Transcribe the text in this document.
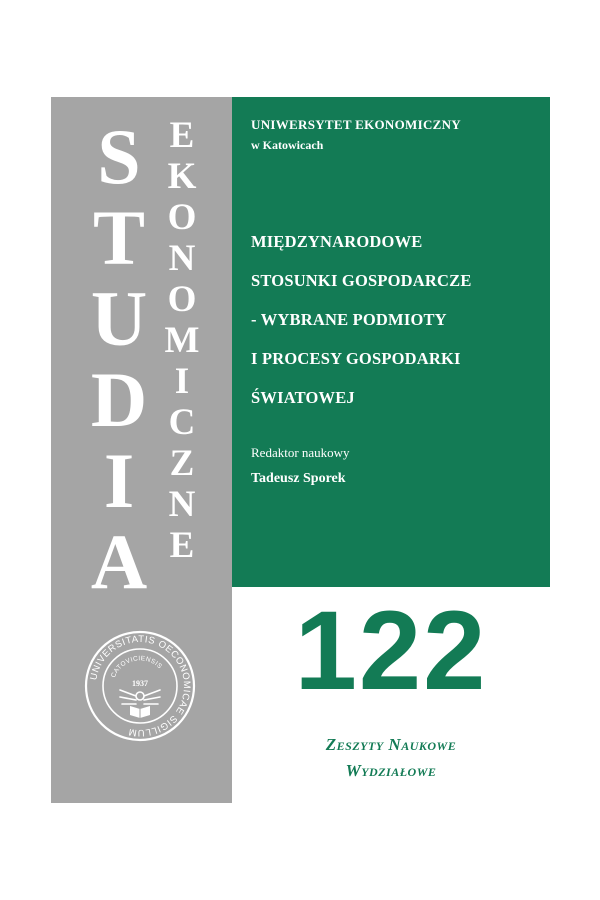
S
T
U
D
I
A
E
K
O
N
O
M
I
C
Z
N
E
UNIVERSITATIS OECONOMICAE SIGILLUM
CATOVICIENSIS
1937
UNIWERSYTET EKONOMICZNY
w Katowicach
MIĘDZYNARODOWE
STOSUNKI GOSPODARCZE
- WYBRANE PODMIOTY
I PROCESY GOSPODARKI
ŚWIATOWEJ
Redaktor naukowy
Tadeusz Sporek
122
Zeszyty Naukowe
Wydziałowe
